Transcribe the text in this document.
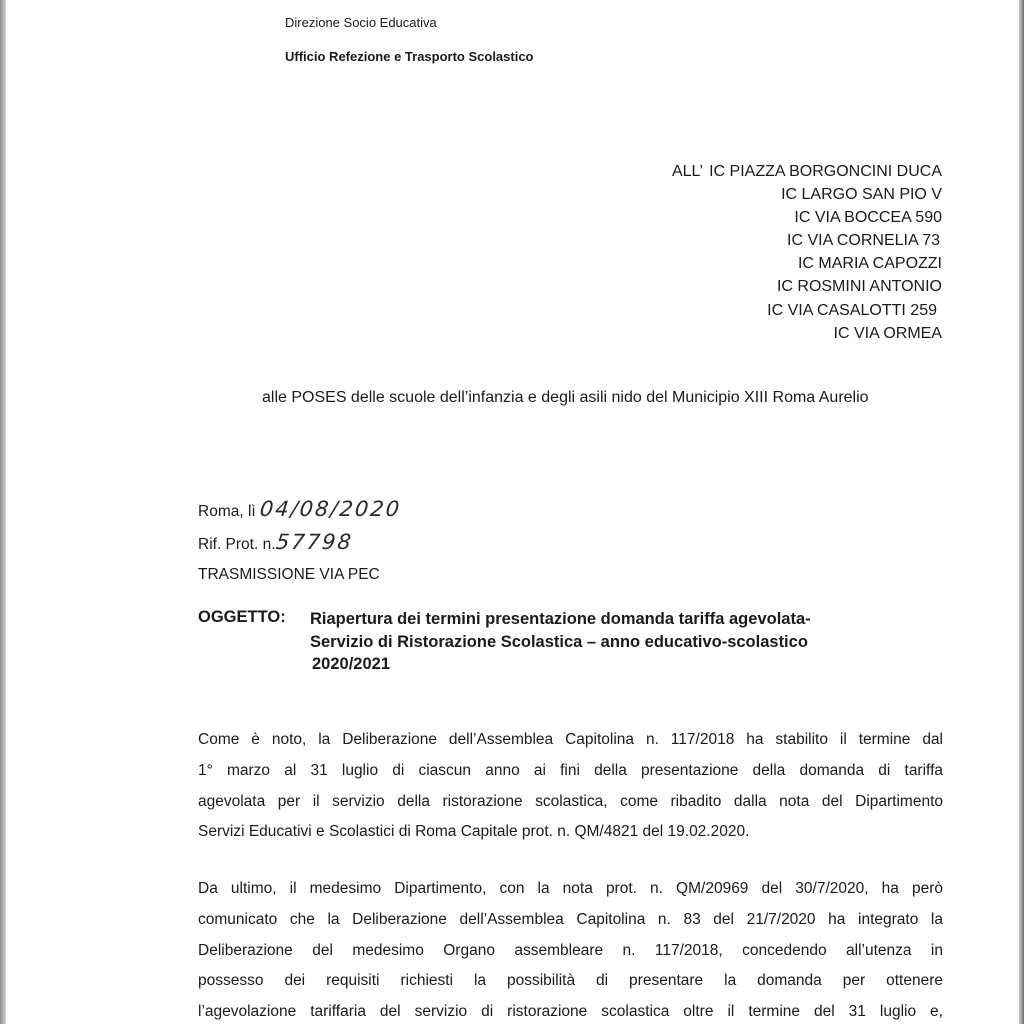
Direzione Socio Educativa
Ufficio Refezione e Trasporto Scolastico
ALL’ IC PIAZZA BORGONCINI DUCA
IC LARGO SAN PIO V
IC VIA BOCCEA 590
IC VIA CORNELIA 73
IC MARIA CAPOZZI
IC ROSMINI ANTONIO
IC VIA CASALOTTI 259
IC VIA ORMEA
alle POSES delle scuole dell’infanzia e degli asili nido del Municipio XIII Roma Aurelio
Roma, lì 04/08/2020
Rif. Prot. n.57798
TRASMISSIONE VIA PEC
OGGETTO: Riapertura dei termini presentazione domanda tariffa agevolata-
Servizio di Ristorazione Scolastica – anno educativo-scolastico
2020/2021
Come è noto, la Deliberazione dell’Assemblea Capitolina n. 117/2018 ha stabilito il termine dal
1° marzo al 31 luglio di ciascun anno ai fini della presentazione della domanda di tariffa
agevolata per il servizio della ristorazione scolastica, come ribadito dalla nota del Dipartimento
Servizi Educativi e Scolastici di Roma Capitale prot. n. QM/4821 del 19.02.2020.
Da ultimo, il medesimo Dipartimento, con la nota prot. n. QM/20969 del 30/7/2020, ha però
comunicato che la Deliberazione dell’Assemblea Capitolina n. 83 del 21/7/2020 ha integrato la
Deliberazione del medesimo Organo assembleare n. 117/2018, concedendo all’utenza in
possesso dei requisiti richiesti la possibilità di presentare la domanda per ottenere
l’agevolazione tariffaria del servizio di ristorazione scolastica oltre il termine del 31 luglio e,
